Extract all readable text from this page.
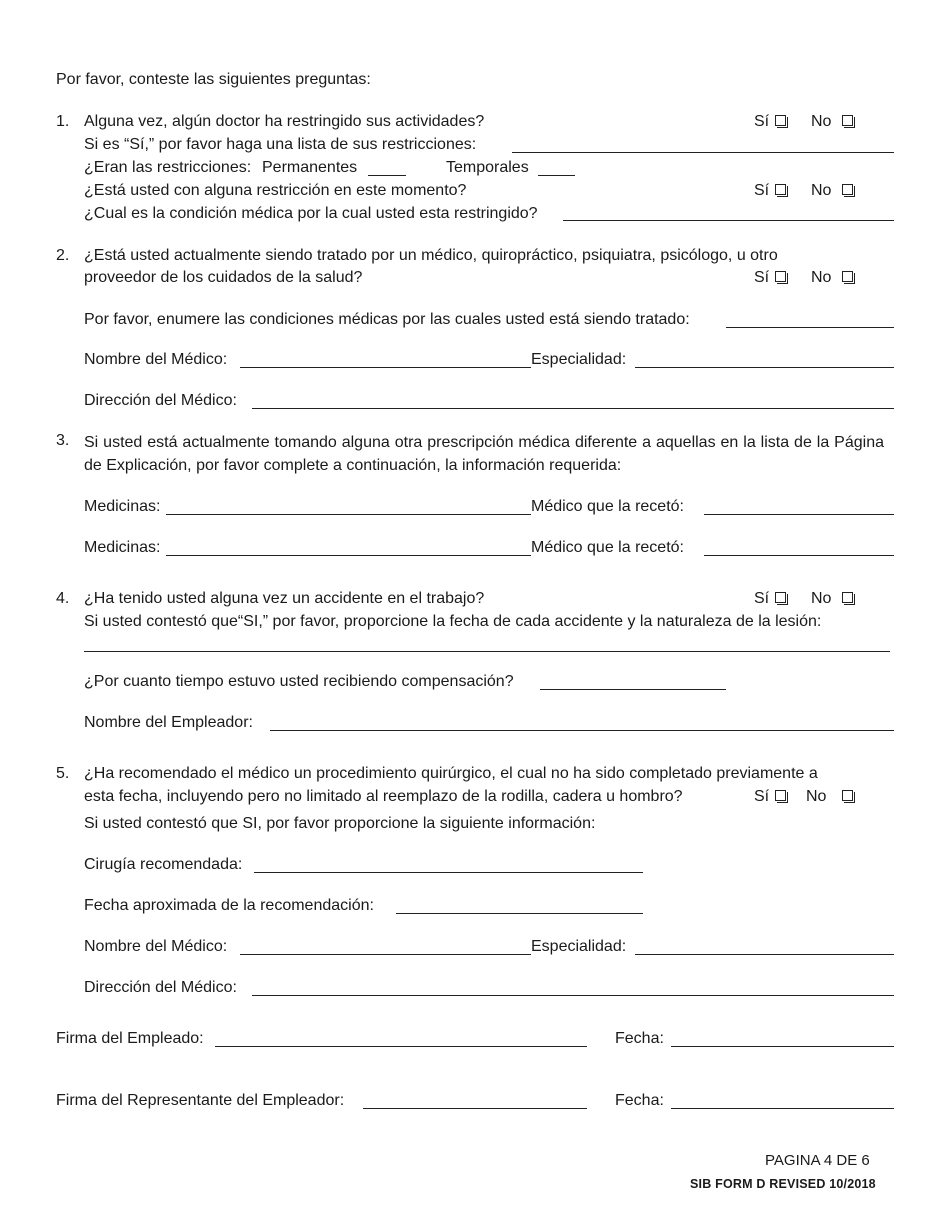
Por favor, conteste las siguientes preguntas:
1. Alguna vez, algún doctor ha restringido sus actividades?	Sí	No
Si es “Sí,” por favor haga una lista de sus restricciones:
¿Eran las restricciones: Permanentes	Temporales
¿Está usted con alguna restricción en este momento?	Sí	No
¿Cual es la condición médica por la cual usted esta restringido?
2. ¿Está usted actualmente siendo tratado por un médico, quiropráctico, psiquiatra, psicólogo, u otro
proveedor de los cuidados de la salud?	Sí	No
Por favor, enumere las condiciones médicas por las cuales usted está siendo tratado:
Nombre del Médico:	Especialidad:
Dirección del Médico:
3. Si usted está actualmente tomando alguna otra prescripción médica diferente a aquellas en la lista de la Página de Explicación, por favor complete a continuación, la información requerida:
Medicinas:	Médico que la recetó:
Medicinas:	Médico que la recetó:
4. ¿Ha tenido usted alguna vez un accidente en el trabajo?	Sí	No
Si usted contestó que“SI,” por favor, proporcione la fecha de cada accidente y la naturaleza de la lesión:
¿Por cuanto tiempo estuvo usted recibiendo compensación?
Nombre del Empleador:
5. ¿Ha recomendado el médico un procedimiento quirúrgico, el cual no ha sido completado previamente a
esta fecha, incluyendo pero no limitado al reemplazo de la rodilla, cadera u hombro?	Sí No
Si usted contestó que SI, por favor proporcione la siguiente información:
Cirugía recomendada:
Fecha aproximada de la recomendación:
Nombre del Médico:	Especialidad:
Dirección del Médico:
Firma del Empleado:	Fecha:
Firma del Representante del Empleador:	Fecha:
PAGINA 4 DE 6
SIB FORM D REVISED 10/2018
